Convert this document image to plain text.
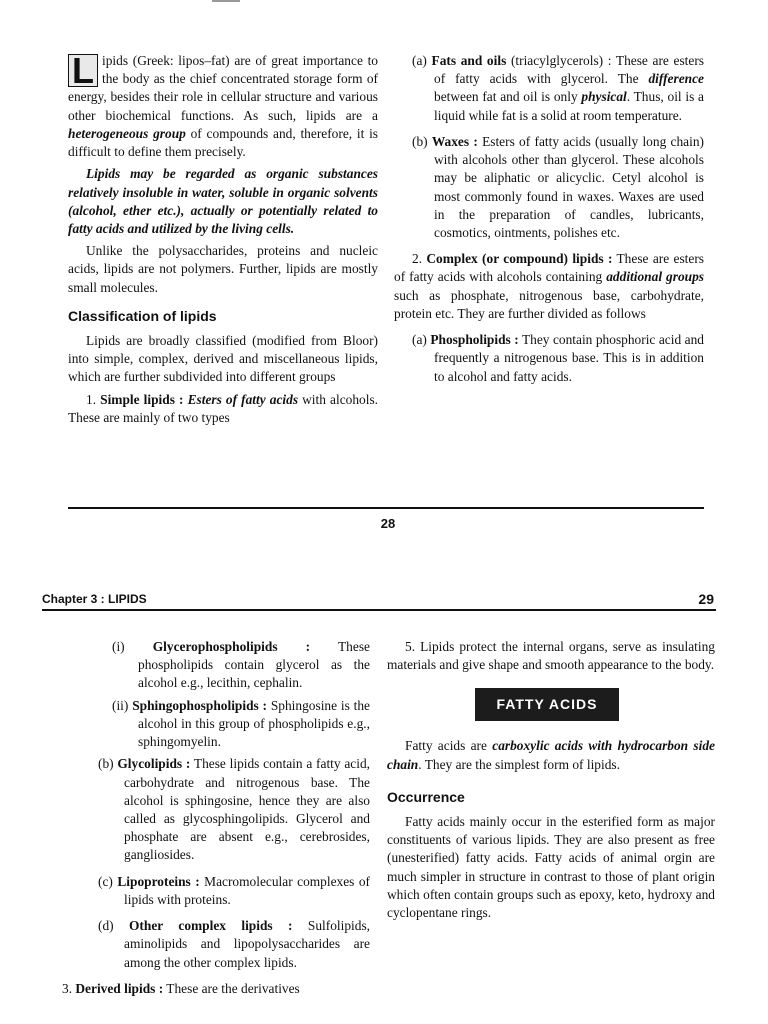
L ipids (Greek: lipos–fat) are of great importance to the body as the chief concentrated storage form of energy, besides their role in cellular structure and various other biochemical functions. As such, lipids are a heterogeneous group of compounds and, therefore, it is difficult to define them precisely.

Lipids may be regarded as organic substances relatively insoluble in water, soluble in organic solvents (alcohol, ether etc.), actually or potentially related to fatty acids and utilized by the living cells.

Unlike the polysaccharides, proteins and nucleic acids, lipids are not polymers. Further, lipids are mostly small molecules.

Classification of lipids

Lipids are broadly classified (modified from Bloor) into simple, complex, derived and miscellaneous lipids, which are further subdivided into different groups

1. Simple lipids : Esters of fatty acids with alcohols. These are mainly of two types

(a) Fats and oils (triacylglycerols) : These are esters of fatty acids with glycerol. The difference between fat and oil is only physical. Thus, oil is a liquid while fat is a solid at room temperature.

(b) Waxes : Esters of fatty acids (usually long chain) with alcohols other than glycerol. These alcohols may be aliphatic or alicyclic. Cetyl alcohol is most commonly found in waxes. Waxes are used in the preparation of candles, lubricants, cosmotics, ointments, polishes etc.

2. Complex (or compound) lipids : These are esters of fatty acids with alcohols containing additional groups such as phosphate, nitrogenous base, carbohydrate, protein etc. They are further divided as follows

(a) Phospholipids : They contain phosphoric acid and frequently a nitrogenous base. This is in addition to alcohol and fatty acids.

28
Chapter 3 : LIPIDS	29

(i) Glycerophospholipids : These phospholipids contain glycerol as the alcohol e.g., lecithin, cephalin.

(ii) Sphingophospholipids : Sphingosine is the alcohol in this group of phospholipids e.g., sphingomyelin.

(b) Glycolipids : These lipids contain a fatty acid, carbohydrate and nitrogenous base. The alcohol is sphingosine, hence they are also called as glycosphingolipids. Glycerol and phosphate are absent e.g., cerebrosides, gangliosides.

(c) Lipoproteins : Macromolecular complexes of lipids with proteins.

(d) Other complex lipids : Sulfolipids, aminolipids and lipopolysaccharides are among the other complex lipids.

3. Derived lipids : These are the derivatives

5. Lipids protect the internal organs, serve as insulating materials and give shape and smooth appearance to the body.

FATTY ACIDS

Fatty acids are carboxylic acids with hydrocarbon side chain. They are the simplest form of lipids.

Occurrence

Fatty acids mainly occur in the esterified form as major constituents of various lipids. They are also present as free (unesterified) fatty acids. Fatty acids of animal orgin are much simpler in structure in contrast to those of plant origin which often contain groups such as epoxy, keto, hydroxy and cyclopentane rings.
